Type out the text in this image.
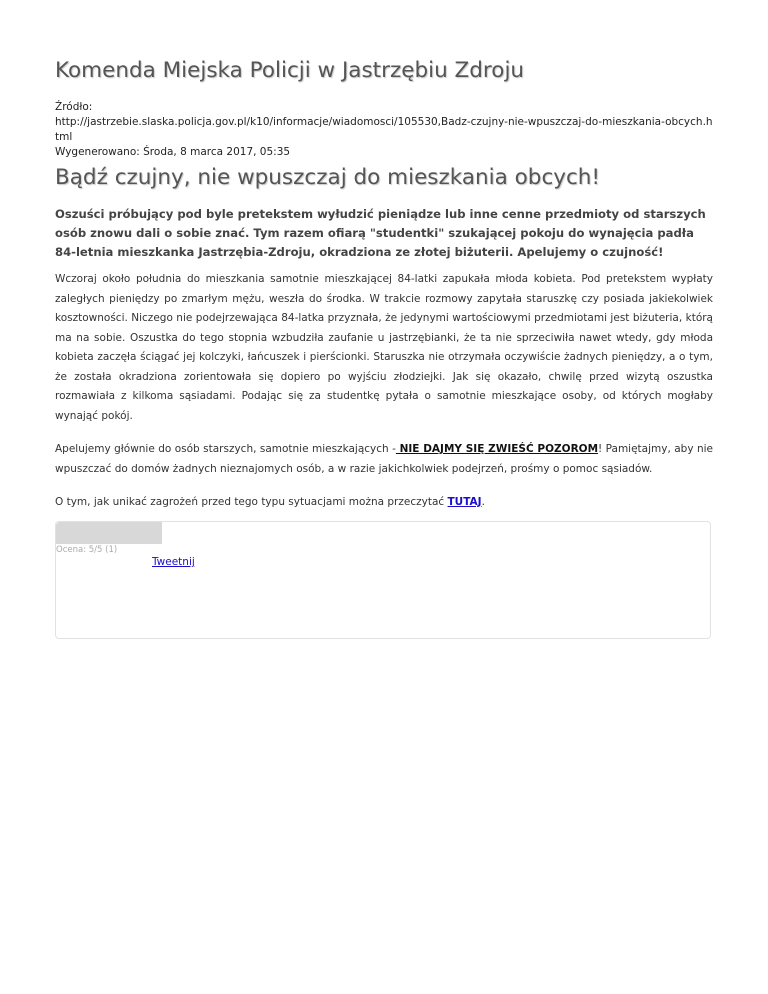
Komenda Miejska Policji w Jastrzębiu Zdroju
Źródło:
http://jastrzebie.slaska.policja.gov.pl/k10/informacje/wiadomosci/105530,Badz-czujny-nie-wpuszczaj-do-mieszkania-obcych.html
Wygenerowano: Środa, 8 marca 2017, 05:35
Bądź czujny, nie wpuszczaj do mieszkania obcych!
Oszuści próbujący pod byle pretekstem wyłudzić pieniądze lub inne cenne przedmioty od starszych osób znowu dali o sobie znać. Tym razem ofiarą "studentki" szukającej pokoju do wynajęcia padła 84-letnia mieszkanka Jastrzębia-Zdroju, okradziona ze złotej biżuterii. Apelujemy o czujność!

Wczoraj około południa do mieszkania samotnie mieszkającej 84-latki zapukała młoda kobieta. Pod pretekstem wypłaty zaległych pieniędzy po zmarłym mężu, weszła do środka. W trakcie rozmowy zapytała staruszkę czy posiada jakiekolwiek kosztowności. Niczego nie podejrzewająca 84-latka przyznała, że jedynymi wartościowymi przedmiotami jest biżuteria, którą ma na sobie. Oszustka do tego stopnia wzbudziła zaufanie u jastrzębianki, że ta nie sprzeciwiła nawet wtedy, gdy młoda kobieta zaczęła ściągać jej kolczyki, łańcuszek i pierścionki. Staruszka nie otrzymała oczywiście żadnych pieniędzy, a o tym, że została okradziona zorientowała się dopiero po wyjściu złodziejki. Jak się okazało, chwilę przed wizytą oszustka rozmawiała z kilkoma sąsiadami. Podając się za studentkę pytała o samotnie mieszkające osoby, od których mogłaby wynająć pokój.

Apelujemy głównie do osób starszych, samotnie mieszkających - NIE DAJMY SIĘ ZWIEŚĆ POZOROM! Pamiętajmy, aby nie wpuszczać do domów żadnych nieznajomych osób, a w razie jakichkolwiek podejrzeń, prośmy o pomoc sąsiadów.

O tym, jak unikać zagrożeń przed tego typu sytuacjami można przeczytać TUTAJ.

Ocena: 5/5 (1)
Tweetnij
